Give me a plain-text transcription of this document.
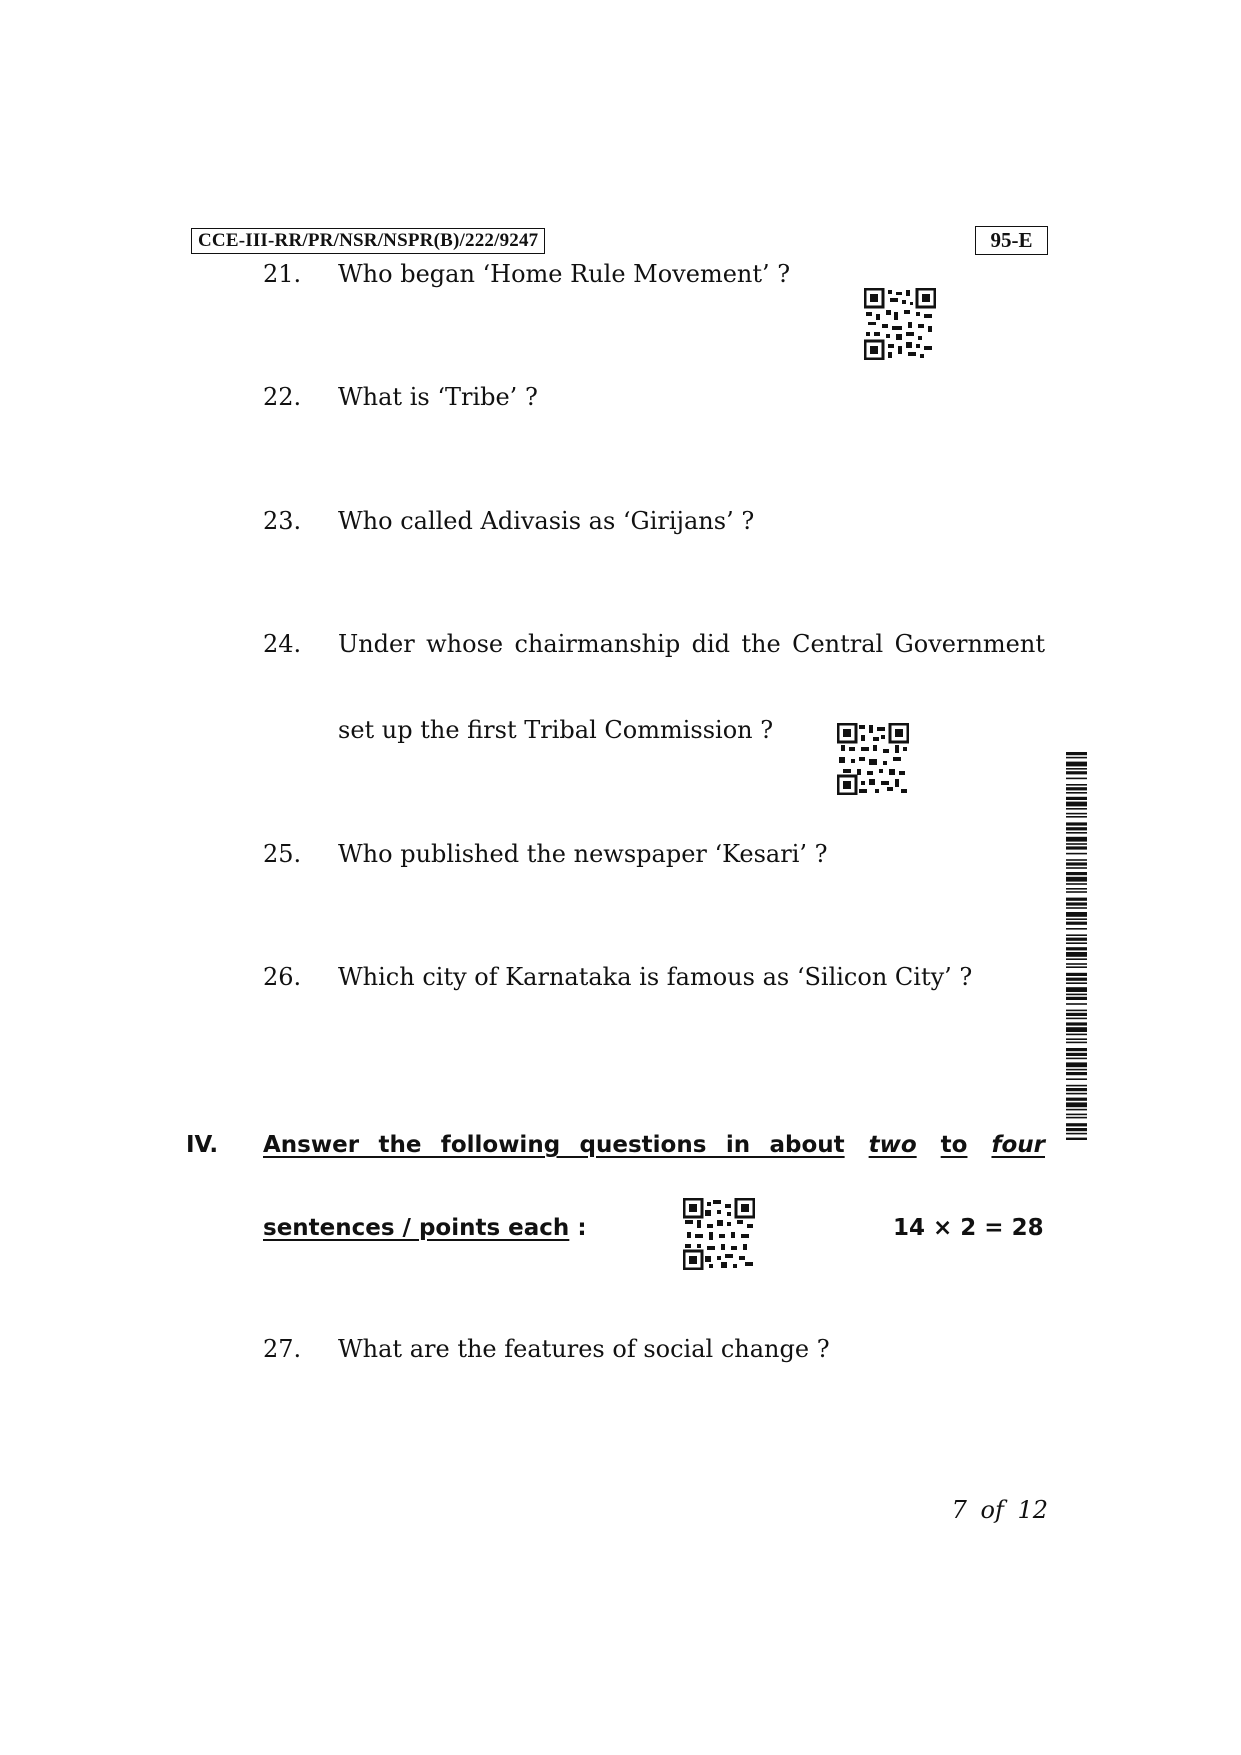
CCE-III-RR/PR/NSR/NSPR(B)/222/9247	95-E
21. Who began ‘Home Rule Movement’ ?
22. What is ‘Tribe’ ?
23. Who called Adivasis as ‘Girijans’ ?
24. Under whose chairmanship did the Central Government
set up the first Tribal Commission ?
25. Who published the newspaper ‘Kesari’ ?
26. Which city of Karnataka is famous as ‘Silicon City’ ?
IV. Answer the following questions in about two to four
sentences / points each :	14 × 2 = 28
27. What are the features of social change ?
7 of 12
